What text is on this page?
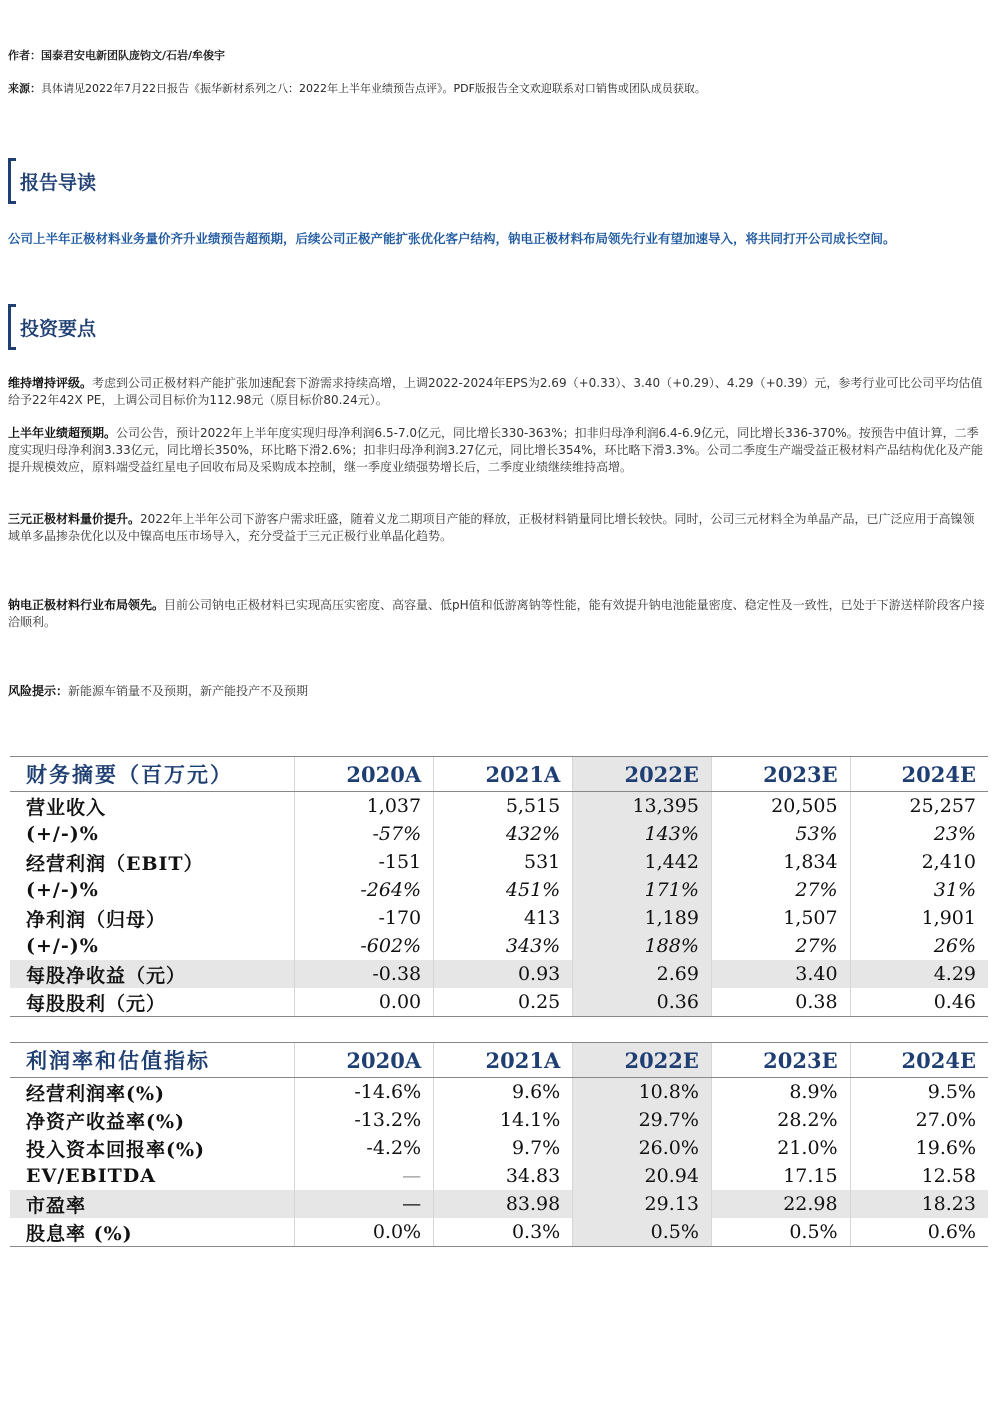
作者：国泰君安电新团队庞钧文/石岩/牟俊宇
来源：具体请见2022年7月22日报告《振华新材系列之八：2022年上半年业绩预告点评》。PDF版报告全文欢迎联系对口销售或团队成员获取。
报告导读
公司上半年正极材料业务量价齐升业绩预告超预期，后续公司正极产能扩张优化客户结构，钠电正极材料布局领先行业有望加速导入，将共同打开公司成长空间。
投资要点
维持增持评级。考虑到公司正极材料产能扩张加速配套下游需求持续高增，上调2022-2024年EPS为2.69（+0.33）、3.40（+0.29）、4.29（+0.39）元，参考行业可比公司平均估值给予22年42X PE，上调公司目标价为112.98元（原目标价80.24元）。
上半年业绩超预期。公司公告，预计2022年上半年度实现归母净利润6.5-7.0亿元，同比增长330-363%；扣非归母净利润6.4-6.9亿元，同比增长336-370%。按预告中值计算，二季度实现归母净利润3.33亿元，同比增长350%，环比略下滑2.6%；扣非归母净利润3.27亿元，同比增长354%，环比略下滑3.3%。公司二季度生产端受益正极材料产品结构优化及产能提升规模效应，原料端受益红星电子回收布局及采购成本控制，继一季度业绩强势增长后，二季度业绩继续维持高增。
三元正极材料量价提升。2022年上半年公司下游客户需求旺盛，随着义龙二期项目产能的释放，正极材料销量同比增长较快。同时，公司三元材料全为单晶产品，已广泛应用于高镍领域单多晶掺杂优化以及中镍高电压市场导入，充分受益于三元正极行业单晶化趋势。
钠电正极材料行业布局领先。目前公司钠电正极材料已实现高压实密度、高容量、低pH值和低游离钠等性能，能有效提升钠电池能量密度、稳定性及一致性，已处于下游送样阶段客户接洽顺利。
风险提示：新能源车销量不及预期，新产能投产不及预期
财务摘要（百万元）	2020A	2021A	2022E	2023E	2024E
营业收入	1,037	5,515	13,395	20,505	25,257
(+/-)%	-57%	432%	143%	53%	23%
经营利润（EBIT）	-151	531	1,442	1,834	2,410
(+/-)%	-264%	451%	171%	27%	31%
净利润（归母）	-170	413	1,189	1,507	1,901
(+/-)%	-602%	343%	188%	27%	26%
每股净收益（元）	-0.38	0.93	2.69	3.40	4.29
每股股利（元）	0.00	0.25	0.36	0.38	0.46
利润率和估值指标	2020A	2021A	2022E	2023E	2024E
经营利润率(%)	-14.6%	9.6%	10.8%	8.9%	9.5%
净资产收益率(%)	-13.2%	14.1%	29.7%	28.2%	27.0%
投入资本回报率(%)	-4.2%	9.7%	26.0%	21.0%	19.6%
EV/EBITDA	—	34.83	20.94	17.15	12.58
市盈率	—	83.98	29.13	22.98	18.23
股息率 (%)	0.0%	0.3%	0.5%	0.5%	0.6%
